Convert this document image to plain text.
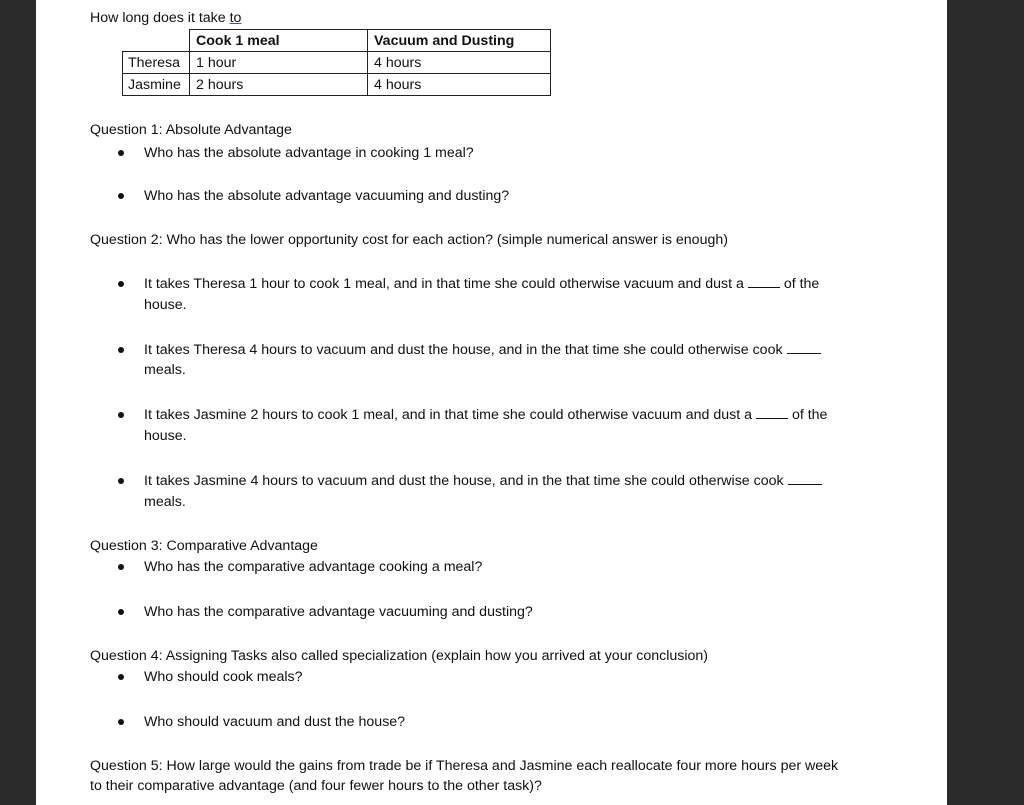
How long does it take to
	Cook 1 meal	Vacuum and Dusting
Theresa	1 hour	4 hours
Jasmine	2 hours	4 hours
Question 1: Absolute Advantage
Who has the absolute advantage in cooking 1 meal?
Who has the absolute advantage vacuuming and dusting?
Question 2: Who has the lower opportunity cost for each action? (simple numerical answer is enough)
It takes Theresa 1 hour to cook 1 meal, and in that time she could otherwise vacuum and dust a	of the
house.
It takes Theresa 4 hours to vacuum and dust the house, and in the that time she could otherwise cook
meals.
It takes Jasmine 2 hours to cook 1 meal, and in that time she could otherwise vacuum and dust a	of the
house.
It takes Jasmine 4 hours to vacuum and dust the house, and in the that time she could otherwise cook
meals.
Question 3: Comparative Advantage
Who has the comparative advantage cooking a meal?
Who has the comparative advantage vacuuming and dusting?
Question 4: Assigning Tasks also called specialization (explain how you arrived at your conclusion)
Who should cook meals?
Who should vacuum and dust the house?
Question 5: How large would the gains from trade be if Theresa and Jasmine each reallocate four more hours per week
to their comparative advantage (and four fewer hours to the other task)?
